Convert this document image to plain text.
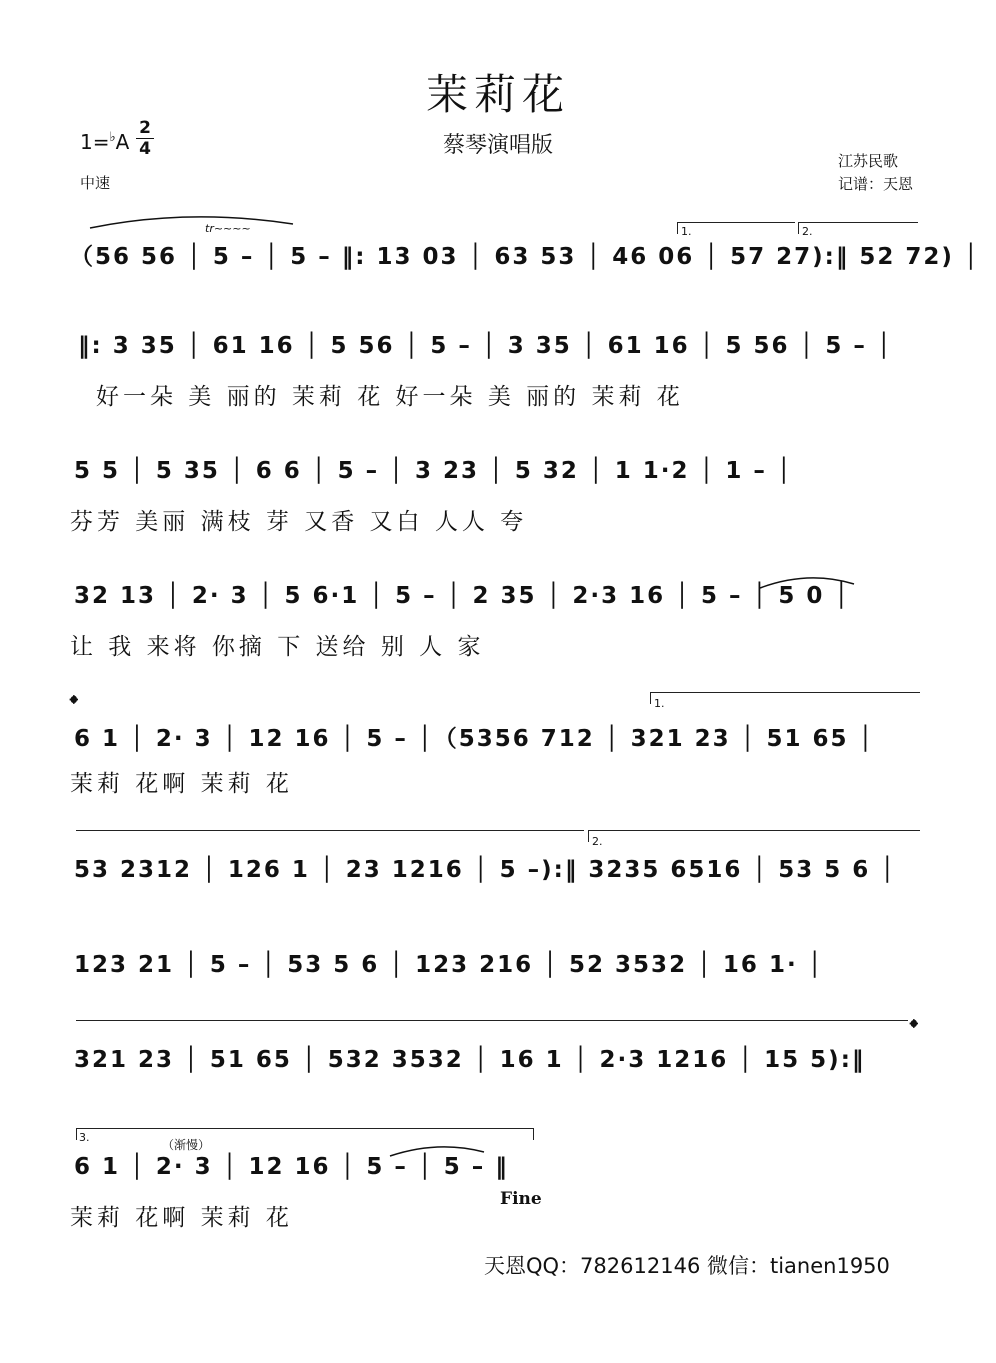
茉莉花
蔡琴演唱版
$1=^♭A \frac{2}{4}$
中速
江苏民歌
记谱：天恩
tr~~~~	1.	2.
（56 56 │ 5 – │ 5 – ‖: 13 03 │ 63 53 │ 46 06 │ 57 27):‖ 52 72) │
‖: 3 35 │ 61 16 │ 5 56 │ 5 – │ 3 35 │ 61 16 │ 5 56 │ 5 – │
好一朵 美 丽的 茉莉 花 好一朵 美 丽的 茉莉 花
5 5 │ 5 35 │ 6 6 │ 5 – │ 3 23 │ 5 32 │ 1 1·2 │ 1 – │
芬芳 美丽 满枝 芽 又香 又白 人人 夸
32 13 │ 2· 3 │ 5 6·1 │ 5 – │ 2 35 │ 2·3 16 │ 5 – │ 5 0 │
让 我 来将 你摘 下 送给 别 人 家
𝄌	1.
6 1 │ 2· 3 │ 12 16 │ 5 – │（5356 712 │ 321 23 │ 51 65 │
茉莉 花啊 茉莉 花
2.
53 2312 │ 126 1 │ 23 1216 │ 5 –):‖ 3235 6516 │ 53 5 6 │
123 21 │ 5 – │ 53 5 6 │ 123 216 │ 52 3532 │ 16 1· │
𝄌
321 23 │ 51 65 │ 532 3532 │ 16 1 │ 2·3 1216 │ 15 5):‖
3.
（渐慢）
6 1 │ 2· 3 │ 12 16 │ 5 – │ 5 – ‖
Fine
茉莉 花啊 茉莉 花
天恩QQ：782612146 微信：tianen1950
